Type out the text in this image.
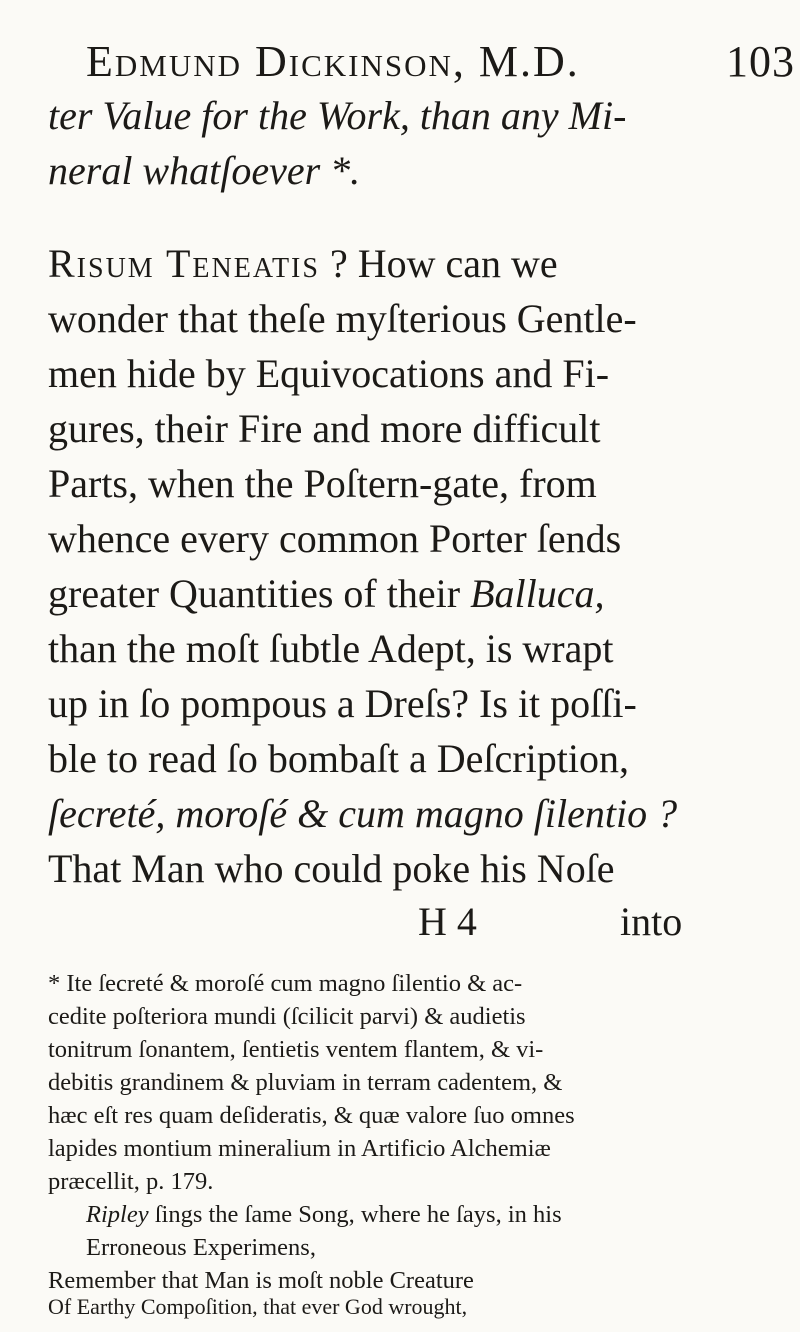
Edmund Dickinson, M.D.	103
ter Value for the Work, than any Mi-
neral whatſoever *.
Risum Teneatis ? How can we
wonder that theſe myſterious Gentle-
men hide by Equivocations and Fi-
gures, their Fire and more difficult
Parts, when the Poſtern-gate, from
whence every common Porter ſends
greater Quantities of their Balluca,
than the moſt ſubtle Adept, is wrapt
up in ſo pompous a Dreſs? Is it poſſi-
ble to read ſo bombaſt a Deſcription,
ſecreté, moroſé & cum magno ſilentio ?
That Man who could poke his Noſe
H 4	into
* Ite ſecreté & moroſé cum magno ſilentio & ac-
cedite poſteriora mundi (ſcilicit parvi) & audietis
tonitrum ſonantem, ſentietis ventem flantem, & vi-
debitis grandinem & pluviam in terram cadentem, &
hæc eſt res quam deſideratis, & quæ valore ſuo omnes
lapides montium mineralium in Artificio Alchemiæ
præcellit, p. 179.
Ripley ſings the ſame Song, where he ſays, in his
Erroneous Experimens,
Remember that Man is moſt noble Creature
Of Earthy Compoſition, that ever God wrought,
